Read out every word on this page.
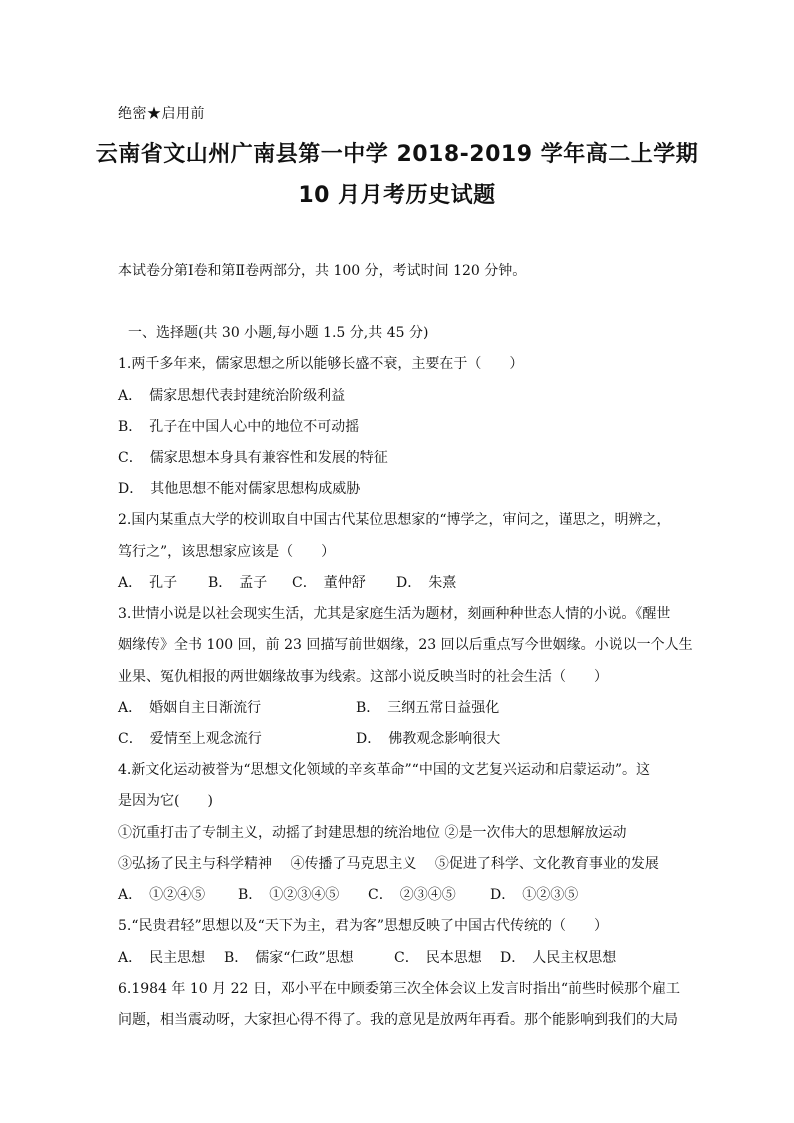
绝密★启用前
云南省文山州广南县第一中学 2018-2019 学年高二上学期
10 月月考历史试题
本试卷分第Ⅰ卷和第Ⅱ卷两部分，共 100 分，考试时间 120 分钟。
一、选择题(共 30 小题,每小题 1.5 分,共 45 分)
1.两千多年来，儒家思想之所以能够长盛不衰，主要在于（　　）
A．　儒家思想代表封建统治阶级利益
B．　孔子在中国人心中的地位不可动摇
C．　儒家思想本身具有兼容性和发展的特征
D．　其他思想不能对儒家思想构成威胁
2.国内某重点大学的校训取自中国古代某位思想家的“博学之，审问之，谨思之，明辨之，
笃行之”，该思想家应该是（　　）
A．　孔子 B．　孟子 C．　董仲舒 D．　朱熹
3.世情小说是以社会现实生活，尤其是家庭生活为题材，刻画种种世态人情的小说。《醒世
姻缘传》全书 100 回，前 23 回描写前世姻缘，23 回以后重点写今世姻缘。小说以一个人生
业果、冤仇相报的两世姻缘故事为线索。这部小说反映当时的社会生活（　　）
A．　婚姻自主日渐流行	B．　三纲五常日益强化
C．　爱情至上观念流行	D．　佛教观念影响很大
4.新文化运动被誉为“思想文化领域的辛亥革命”“中国的文艺复兴运动和启蒙运动”。这
是因为它(　　)
①沉重打击了专制主义，动摇了封建思想的统治地位 ②是一次伟大的思想解放运动
③弘扬了民主与科学精神　 ④传播了马克思主义　 ⑤促进了科学、文化教育事业的发展
A．　①②④⑤ B．　①②③④⑤ C．　②③④⑤ D．　①②③⑤
5.“民贵君轻”思想以及“天下为主，君为客”思想反映了中国古代传统的（　　）
A．　民主思想 B．　儒家“仁政”思想	C．　民本思想 D．　人民主权思想
6.1984 年 10 月 22 日，邓小平在中顾委第三次全体会议上发言时指出“前些时候那个雇工
问题，相当震动呀，大家担心得不得了。我的意见是放两年再看。那个能影响到我们的大局
